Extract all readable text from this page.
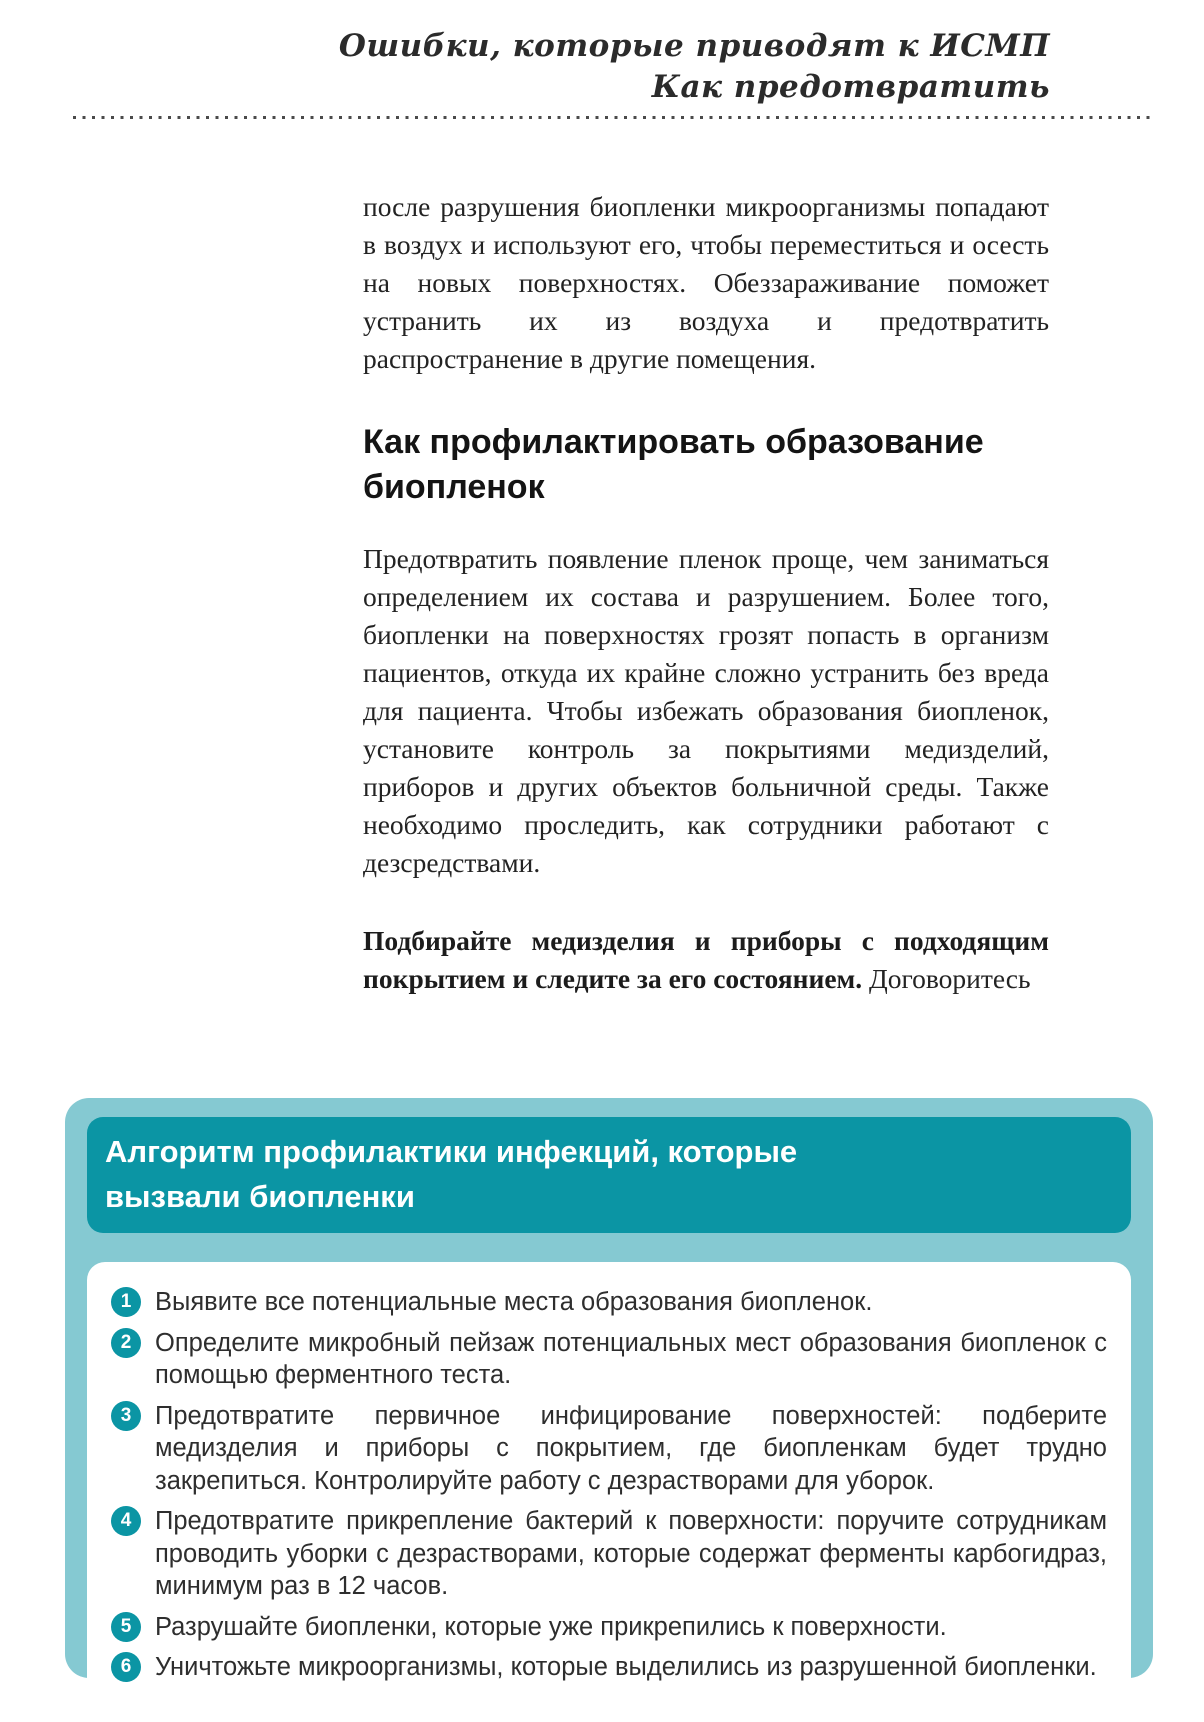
Ошибки, которые приводят к ИСМП
Как предотвратить

после разрушения биопленки микроорганизмы попадают в воздух и используют его, чтобы переместиться и осесть на новых поверхностях. Обеззараживание поможет устранить их из воздуха и предотвратить распространение в другие помещения.

Как профилактировать образование биопленок

Предотвратить появление пленок проще, чем заниматься определением их состава и разрушением. Более того, биопленки на поверхностях грозят попасть в организм пациентов, откуда их крайне сложно устранить без вреда для пациента. Чтобы избежать образования биопленок, установите контроль за покрытиями медизделий, приборов и других объектов больничной среды. Также необходимо проследить, как сотрудники работают с дезсредствами.

Подбирайте медизделия и приборы с подходящим покрытием и следите за его состоянием. Договоритесь

Алгоритм профилактики инфекций, которые вызвали биопленки
1 Выявите все потенциальные места образования биопленок.
2 Определите микробный пейзаж потенциальных мест образования биопленок с помощью ферментного теста.
3 Предотвратите первичное инфицирование поверхностей: подберите медизделия и приборы с покрытием, где биопленкам будет трудно закрепиться. Контролируйте работу с дезрастворами для уборок.
4 Предотвратите прикрепление бактерий к поверхности: поручите сотрудникам проводить уборки с дезрастворами, которые содержат ферменты карбогидраз, минимум раз в 12 часов.
5 Разрушайте биопленки, которые уже прикрепились к поверхности.
6 Уничтожьте микроорганизмы, которые выделились из разрушенной биопленки.
